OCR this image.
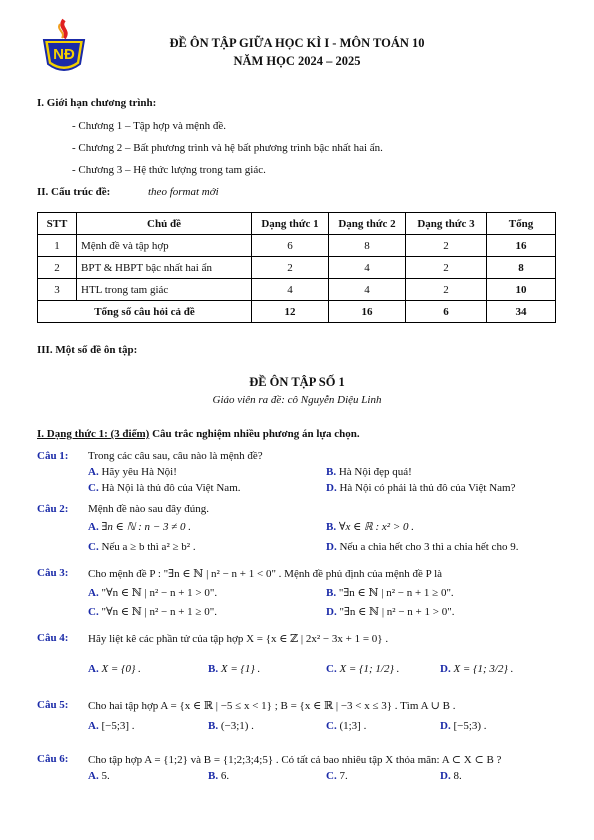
NĐ
ĐỀ ÔN TẬP GIỮA HỌC KÌ I - MÔN TOÁN 10
NĂM HỌC 2024 – 2025
I. Giới hạn chương trình:
- Chương 1 – Tập hợp và mệnh đề.
- Chương 2 – Bất phương trình và hệ bất phương trình bậc nhất hai ẩn.
- Chương 3 – Hệ thức lượng trong tam giác.
II. Cấu trúc đề:	theo format mới
STT	Chủ đề	Dạng thức 1	Dạng thức 2	Dạng thức 3	Tổng
1	Mệnh đề và tập hợp	6	8	2	16
2	BPT & HBPT bậc nhất hai ẩn	2	4	2	8
3	HTL trong tam giác	4	4	2	10
Tổng số câu hỏi cả đề		12	16	6	34
III. Một số đề ôn tập:
ĐỀ ÔN TẬP SỐ 1
Giáo viên ra đề: cô Nguyễn Diệu Linh
I. Dạng thức 1: (3 điểm) Câu trắc nghiệm nhiều phương án lựa chọn.
Câu 1: Trong các câu sau, câu nào là mệnh đề?
A. Hãy yêu Hà Nội!	B. Hà Nội đẹp quá!
C. Hà Nội là thủ đô của Việt Nam.	D. Hà Nội có phải là thủ đô của Việt Nam?
Câu 2: Mệnh đề nào sau đây đúng.
A. ∃n ∈ ℕ : n − 3 ≠ 0 .	B. ∀x ∈ ℝ : x² > 0 .
C. Nếu a ≥ b thì a² ≥ b² .	D. Nếu a chia hết cho 3 thì a chia hết cho 9.
Câu 3: Cho mệnh đề P : "∃n ∈ ℕ | n² − n + 1 < 0" . Mệnh đề phủ định của mệnh đề P là
A. "∀n ∈ ℕ | n² − n + 1 > 0".	B. "∃n ∈ ℕ | n² − n + 1 ≥ 0".
C. "∀n ∈ ℕ | n² − n + 1 ≥ 0".	D. "∃n ∈ ℕ | n² − n + 1 > 0".
Câu 4: Hãy liệt kê các phần tử của tập hợp X = {x ∈ ℤ | 2x² − 3x + 1 = 0} .
A. X = {0} .	B. X = {1} .	C. X = {1; 1/2} .	D. X = {1; 3/2} .
Câu 5: Cho hai tập hợp A = {x ∈ ℝ | −5 ≤ x < 1} ; B = {x ∈ ℝ | −3 < x ≤ 3} . Tìm A ∪ B .
A. [−5;3] .	B. (−3;1) .	C. (1;3] .	D. [−5;3) .
Câu 6: Cho tập hợp A = {1;2} và B = {1;2;3;4;5} . Có tất cả bao nhiêu tập X thỏa mãn: A ⊂ X ⊂ B ?
A. 5.	B. 6.	C. 7.	D. 8.
